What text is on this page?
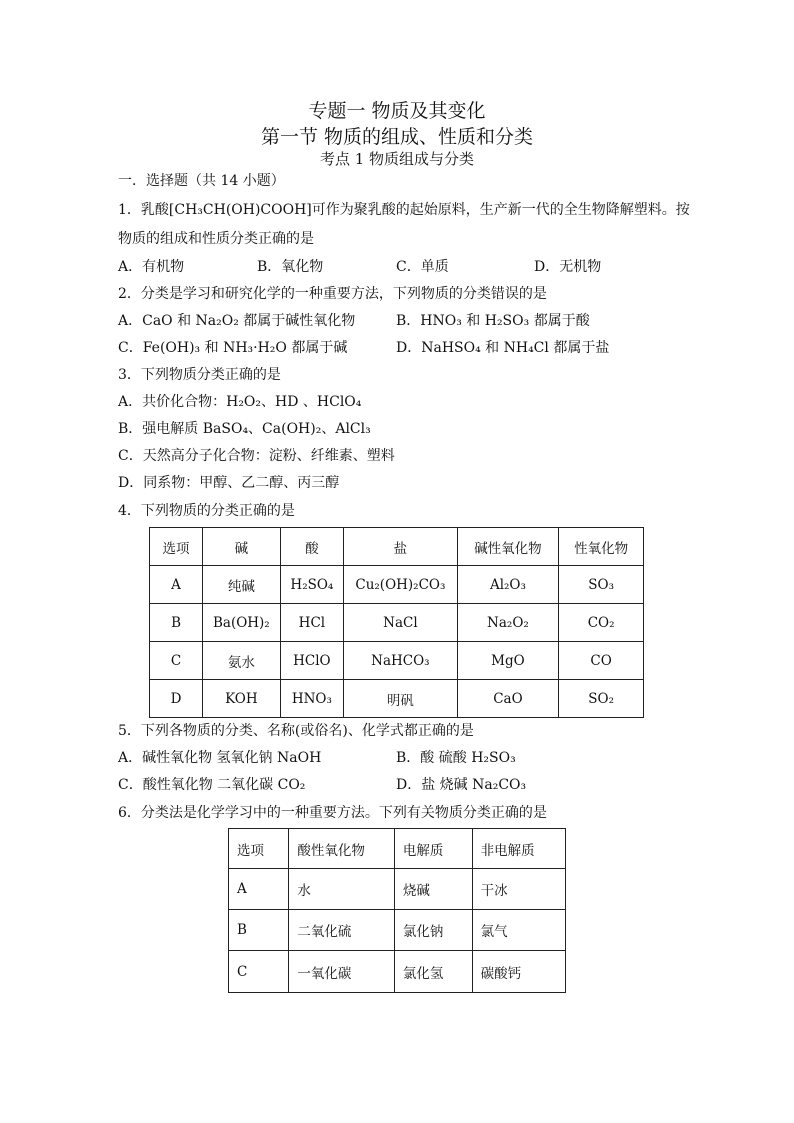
专题一 物质及其变化
第一节 物质的组成、性质和分类
考点 1 物质组成与分类
一．选择题（共 14 小题）
1．乳酸[CH₃CH(OH)COOH]可作为聚乳酸的起始原料，生产新一代的全生物降解塑料。按
物质的组成和性质分类正确的是
A．有机物	B．氧化物	C．单质	D．无机物
2．分类是学习和研究化学的一种重要方法，下列物质的分类错误的是
A．CaO 和 Na₂O₂ 都属于碱性氧化物	B．HNO₃ 和 H₂SO₃ 都属于酸
C．Fe(OH)₃ 和 NH₃·H₂O 都属于碱	D．NaHSO₄ 和 NH₄Cl 都属于盐
3．下列物质分类正确的是
A．共价化合物：H₂O₂、HD 、HClO₄
B．强电解质 BaSO₄、Ca(OH)₂、AlCl₃
C．天然高分子化合物：淀粉、纤维素、塑料
D．同系物：甲醇、乙二醇、丙三醇
4．下列物质的分类正确的是
选项	碱	酸	盐	碱性氧化物	性氧化物
A	纯碱	H₂SO₄	Cu₂(OH)₂CO₃	Al₂O₃	SO₃
B	Ba(OH)₂	HCl	NaCl	Na₂O₂	CO₂
C	氨水	HClO	NaHCO₃	MgO	CO
D	KOH	HNO₃	明矾	CaO	SO₂
5．下列各物质的分类、名称(或俗名)、化学式都正确的是
A．碱性氧化物 氢氧化钠 NaOH	B．酸 硫酸 H₂SO₃
C．酸性氧化物 二氧化碳 CO₂	D．盐 烧碱 Na₂CO₃
6．分类法是化学学习中的一种重要方法。下列有关物质分类正确的是
选项	酸性氧化物	电解质	非电解质
A	水	烧碱	干冰
B	二氧化硫	氯化钠	氯气
C	一氧化碳	氯化氢	碳酸钙
